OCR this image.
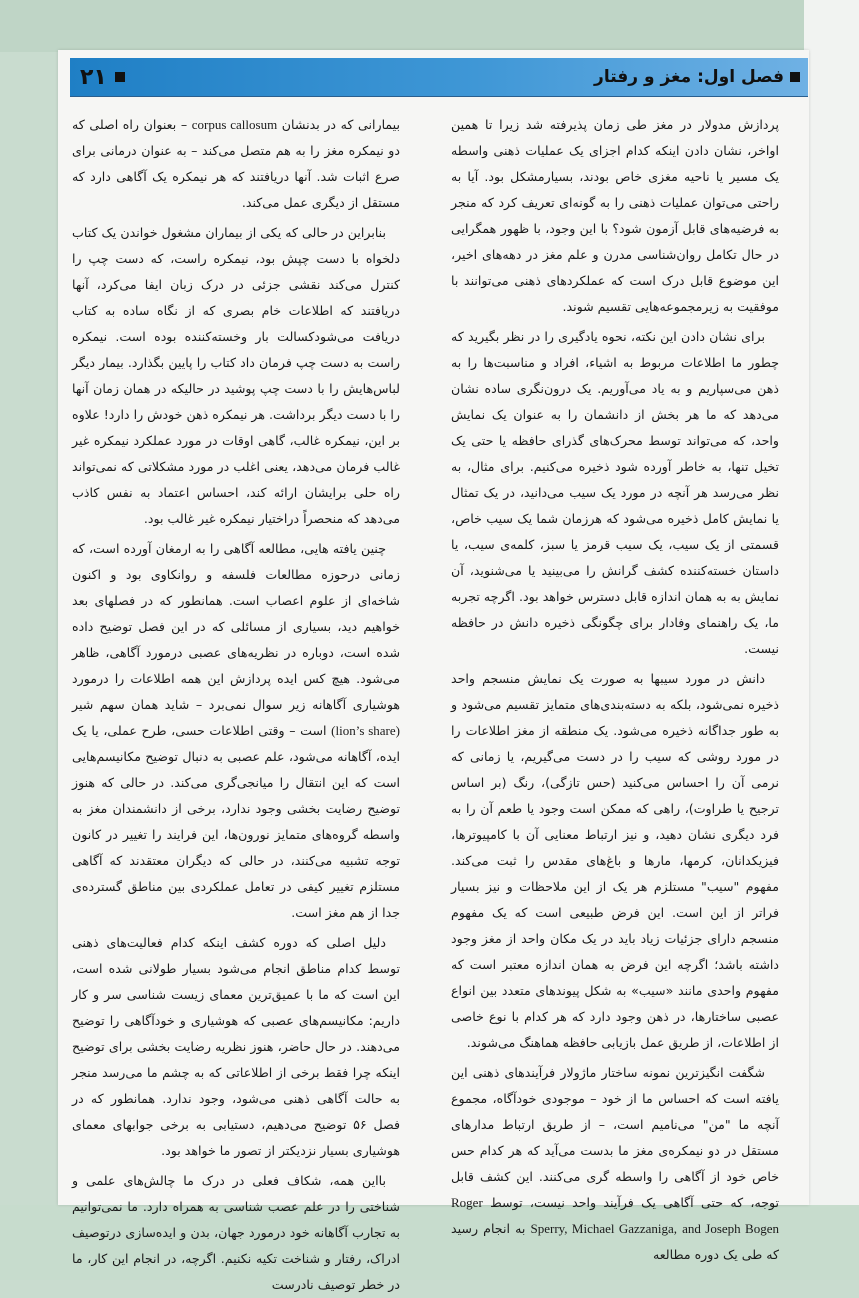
فصل اول: مغز و رفتار
۲۱

پردازش مدولار در مغز طی زمان پذیرفته شد زیرا تا همین اواخر، نشان دادن اینکه کدام اجزای یک عملیات ذهنی واسطه یک مسیر یا ناحیه مغزی خاص بودند، بسیارمشکل بود. آیا به راحتی می‌توان عملیات ذهنی را به گونه‌ای تعریف کرد که منجر به فرضیه‌های قابل آزمون شود؟ با این وجود، با ظهور همگرایی در حال تکامل روان‌شناسی مدرن و علم مغز در دهه‌های اخیر، این موضوع قابل درک است که عملکردهای ذهنی می‌توانند با موفقیت به زیرمجموعه‌هایی تقسیم شوند.

برای نشان دادن این نکته، نحوه یادگیری را در نظر بگیرید که چطور ما اطلاعات مربوط به اشیاء، افراد و مناسبت‌ها را به ذهن می‌سپاریم و به یاد می‌آوریم. یک درون‌نگری ساده نشان می‌دهد که ما هر بخش از دانشمان را به عنوان یک نمایش واحد، که می‌تواند توسط محرک‌های گذرای حافظه یا حتی یک تخیل تنها، به خاطر آورده شود ذخیره می‌کنیم. برای مثال، به نظر می‌رسد هر آنچه در مورد یک سیب می‌دانید، در یک تمثال یا نمایش کامل ذخیره می‌شود که هرزمان شما یک سیب خاص، قسمتی از یک سیب، یک سیب قرمز یا سبز، کلمه‌ی سیب، یا داستان خسته‌کننده کشف گرانش را می‌بینید یا می‌شنوید، آن نمایش به به همان اندازه قابل دسترس خواهد بود. اگرچه تجربه ما، یک راهنمای وفادار برای چگونگی ذخیره دانش در حافظه نیست.

دانش در مورد سیبها به صورت یک نمایش منسجم واحد ذخیره نمی‌شود، بلکه به دسته‌بندی‌های متمایز تقسیم می‌شود و به طور جداگانه ذخیره می‌شود. یک منطقه از مغز اطلاعات را در مورد روشی که سیب را در دست می‌گیریم، یا زمانی که نرمی آن را احساس می‌کنید (حس تازگی)، رنگ (بر اساس ترجیح یا طراوت)، راهی که ممکن است وجود یا طعم آن را به فرد دیگری نشان دهید، و نیز ارتباط معنایی آن با کامپیوترها، فیزیکدانان، کرمها، مارها و باغ‌های مقدس را ثبت می‌کند. مفهوم "سیب" مستلزم هر یک از این ملاحظات و نیز بسیار فراتر از این است. این فرض طبیعی است که یک مفهوم منسجم دارای جزئیات زیاد باید در یک مکان واحد از مغز وجود داشته باشد؛ اگرچه این فرض به همان اندازه معتبر است که مفهوم واحدی مانند «سیب» به شکل پیوندهای متعدد بین انواع عصبی ساختارها، در ذهن وجود دارد که هر کدام با نوع خاصی از اطلاعات، از طریق عمل بازیابی حافظه هماهنگ می‌شوند.

شگفت انگیزترین نمونه ساختار ماژولار فرآیندهای ذهنی این یافته است که احساس ما از خود – موجودی خودآگاه، مجموع آنچه ما "من" می‌نامیم است، – از طریق ارتباط مدارهای مستقل در دو نیمکره‌ی مغز ما بدست می‌آید که هر کدام حس خاص خود از آگاهی را واسطه گری می‌کنند. این کشف قابل توجه، که حتی آگاهی یک فرآیند واحد نیست، توسط Roger Sperry, Michael Gazzaniga, and Joseph Bogen به انجام رسید که طی یک دوره مطالعه

بیمارانی که در بدنشان corpus callosum – بعنوان راه اصلی که دو نیمکره مغز را به هم متصل می‌کند – به عنوان درمانی برای صرع اثبات شد. آنها دریافتند که هر نیمکره یک آگاهی دارد که مستقل از دیگری عمل می‌کند.

بنابراین در حالی که یکی از بیماران مشغول خواندن یک کتاب دلخواه با دست چپش بود، نیمکره راست، که دست چپ را کنترل می‌کند نقشی جزئی در درک زبان ایفا می‌کرد، آنها دریافتند که اطلاعات خام بصری که از نگاه ساده به کتاب دریافت می‌شودکسالت بار وخسته‌کننده بوده است. نیمکره راست به دست چپ فرمان داد کتاب را پایین بگذارد. بیمار دیگر لباس‌هایش را با دست چپ پوشید در حالیکه در همان زمان آنها را با دست دیگر برداشت. هر نیمکره ذهن خودش را دارد! علاوه بر این، نیمکره غالب، گاهی اوقات در مورد عملکرد نیمکره غیر غالب فرمان می‌دهد، یعنی اغلب در مورد مشکلاتی که نمی‌تواند راه حلی برایشان ارائه کند، احساس اعتماد به نفس کاذب می‌دهد که منحصراً دراختیار نیمکره غیر غالب بود.

چنین یافته هایی، مطالعه آگاهی را به ارمغان آورده است، که زمانی درحوزه مطالعات فلسفه و روانکاوی بود و اکنون شاخه‌ای از علوم اعصاب است. همانطور که در فصلهای بعد خواهیم دید، بسیاری از مسائلی که در این فصل توضیح داده شده است، دوباره در نظریه‌های عصبی درمورد آگاهی، ظاهر می‌شود. هیچ کس ایده پردازش این همه اطلاعات را درمورد هوشیاری آگاهانه زیر سوال نمی‌برد – شاید همان سهم شیر (lion’s share) است – وقتی اطلاعات حسی، طرح عملی، یا یک ایده، آگاهانه می‌شود، علم عصبی به دنبال توضیح مکانیسم‌هایی است که این انتقال را میانجی‌گری می‌کند. در حالی که هنوز توضیح رضایت بخشی وجود ندارد، برخی از دانشمندان مغز به واسطه گروه‌های متمایز نورون‌ها، این فرایند را تغییر در کانون توجه تشبیه می‌کنند، در حالی که دیگران معتقدند که آگاهی مستلزم تغییر کیفی در تعامل عملکردی بین مناطق گسترده‌ی جدا از هم مغز است.

دلیل اصلی که دوره کشف اینکه کدام فعالیت‌های ذهنی توسط کدام مناطق انجام می‌شود بسیار طولانی شده است، این است که ما با عمیق‌ترین معمای زیست شناسی سر و کار داریم: مکانیسم‌های عصبی که هوشیاری و خودآگاهی را توضیح می‌دهند. در حال حاضر، هنوز نظریه رضایت بخشی برای توضیح اینکه چرا فقط برخی از اطلاعاتی که به چشم ما می‌رسد منجر به حالت آگاهی ذهنی می‌شود، وجود ندارد. همانطور که در فصل ۵۶ توضیح می‌دهیم، دستیابی به برخی جوابهای معمای هوشیاری بسیار نزدیکتر از تصور ما خواهد بود.

بااین همه، شکاف فعلی در درک ما چالش‌های علمی و شناختی را در علم عصب شناسی به همراه دارد. ما نمی‌توانیم به تجارب آگاهانه خود درمورد جهان، بدن و ایده‌سازی درتوصیف ادراک، رفتار و شناخت تکیه نکنیم. اگرچه، در انجام این کار، ما در خطر توصیف نادرست
